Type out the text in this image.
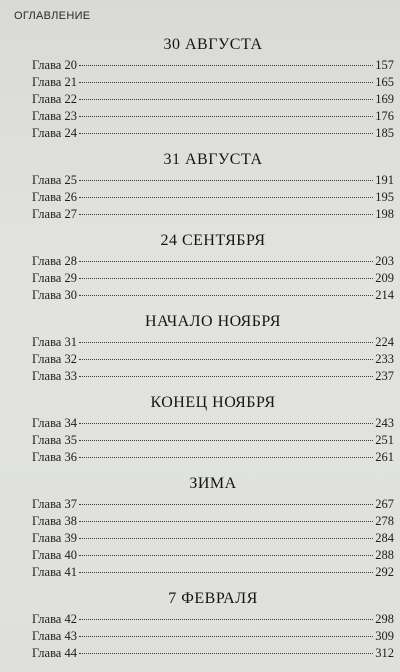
ОГЛАВЛЕНИЕ
30 АВГУСТА
Глава 20	157
Глава 21	165
Глава 22	169
Глава 23	176
Глава 24	185
31 АВГУСТА
Глава 25	191
Глава 26	195
Глава 27	198
24 СЕНТЯБРЯ
Глава 28	203
Глава 29	209
Глава 30	214
НАЧАЛО НОЯБРЯ
Глава 31	224
Глава 32	233
Глава 33	237
КОНЕЦ НОЯБРЯ
Глава 34	243
Глава 35	251
Глава 36	261
ЗИМА
Глава 37	267
Глава 38	278
Глава 39	284
Глава 40	288
Глава 41	292
7 ФЕВРАЛЯ
Глава 42	298
Глава 43	309
Глава 44	312
